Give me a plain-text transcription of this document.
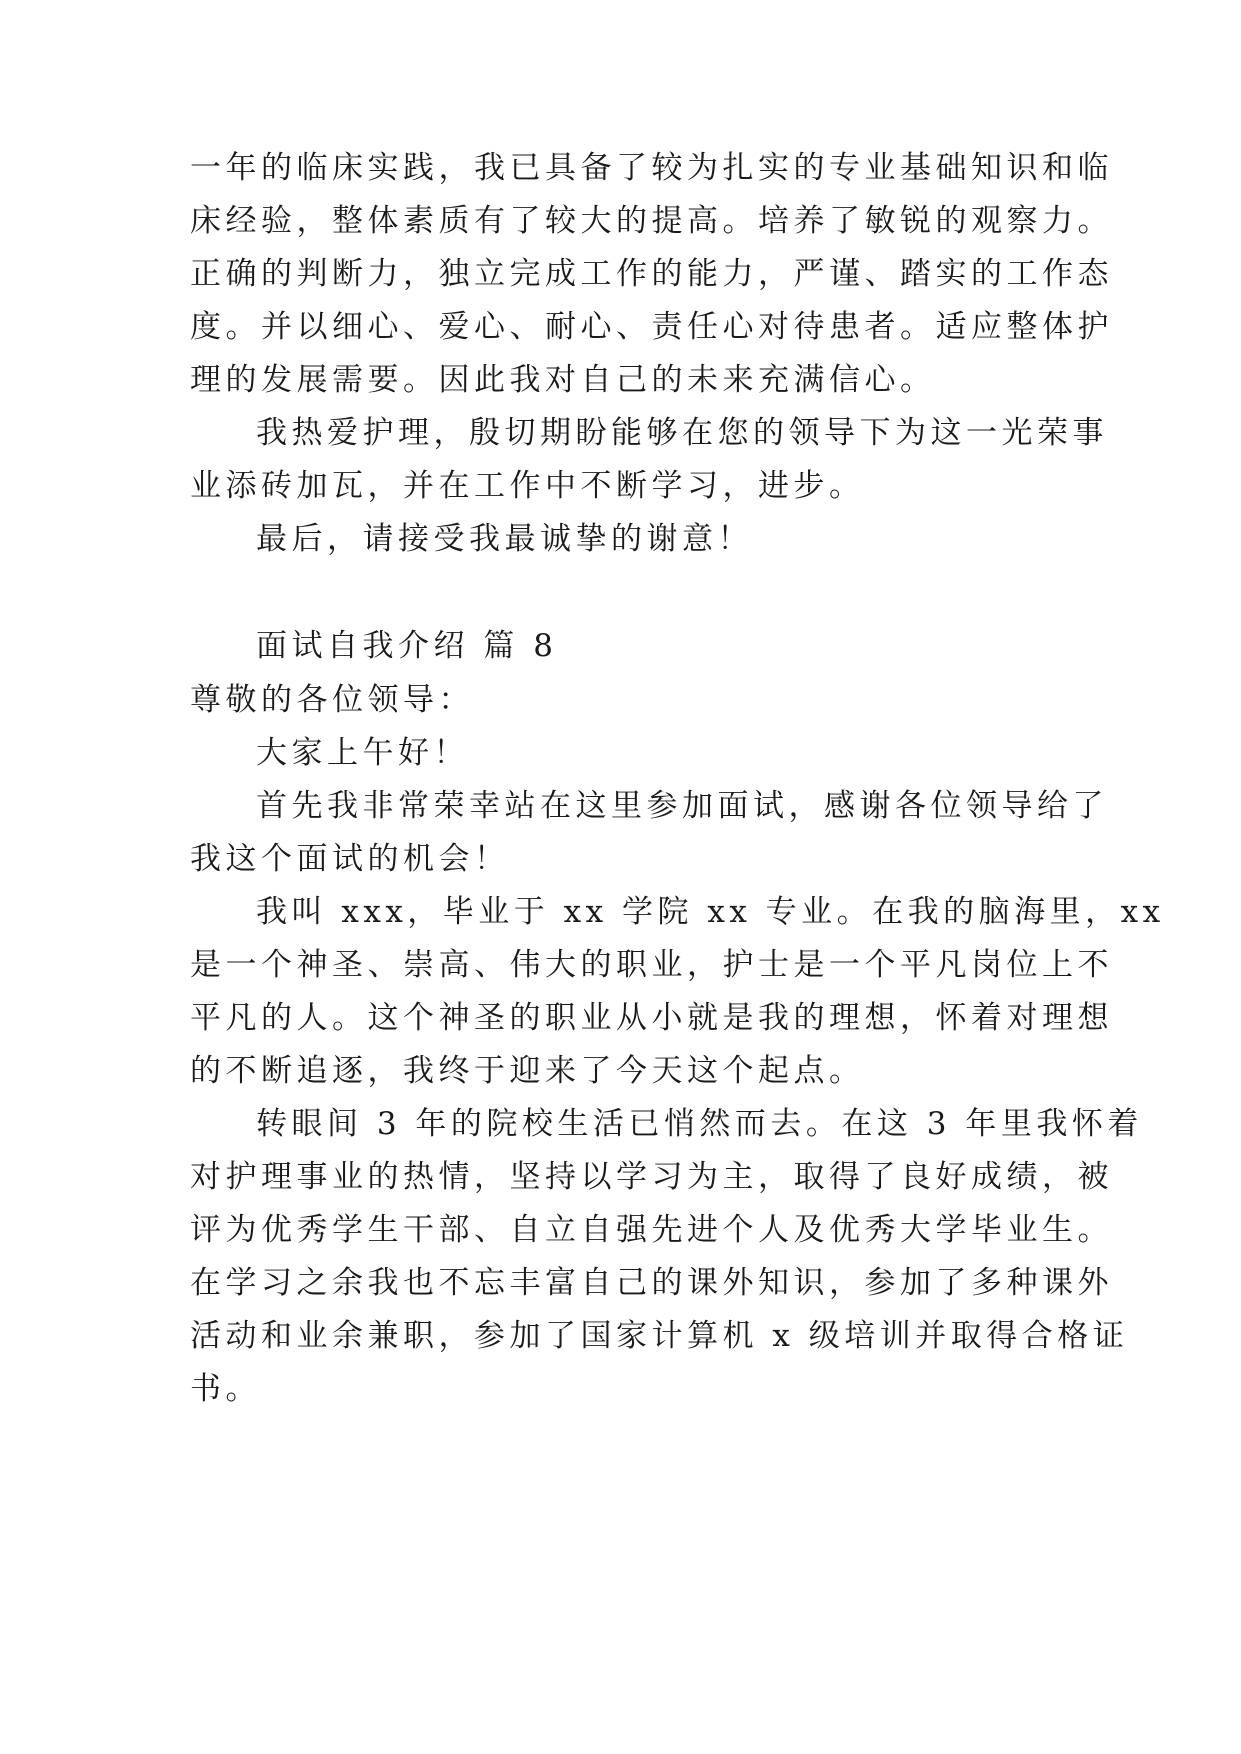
一年的临床实践，我已具备了较为扎实的专业基础知识和临
床经验，整体素质有了较大的提高。培养了敏锐的观察力。
正确的判断力，独立完成工作的能力，严谨、踏实的工作态
度。并以细心、爱心、耐心、责任心对待患者。适应整体护
理的发展需要。因此我对自己的未来充满信心。
我热爱护理，殷切期盼能够在您的领导下为这一光荣事
业添砖加瓦，并在工作中不断学习，进步。
最后，请接受我最诚挚的谢意！
面试自我介绍 篇 8
尊敬的各位领导：
大家上午好！
首先我非常荣幸站在这里参加面试，感谢各位领导给了
我这个面试的机会！
我叫 xxx，毕业于 xx 学院 xx 专业。在我的脑海里，xx
是一个神圣、崇高、伟大的职业，护士是一个平凡岗位上不
平凡的人。这个神圣的职业从小就是我的理想，怀着对理想
的不断追逐，我终于迎来了今天这个起点。
转眼间 3 年的院校生活已悄然而去。在这 3 年里我怀着
对护理事业的热情，坚持以学习为主，取得了良好成绩，被
评为优秀学生干部、自立自强先进个人及优秀大学毕业生。
在学习之余我也不忘丰富自己的课外知识，参加了多种课外
活动和业余兼职，参加了国家计算机 x 级培训并取得合格证
书。
